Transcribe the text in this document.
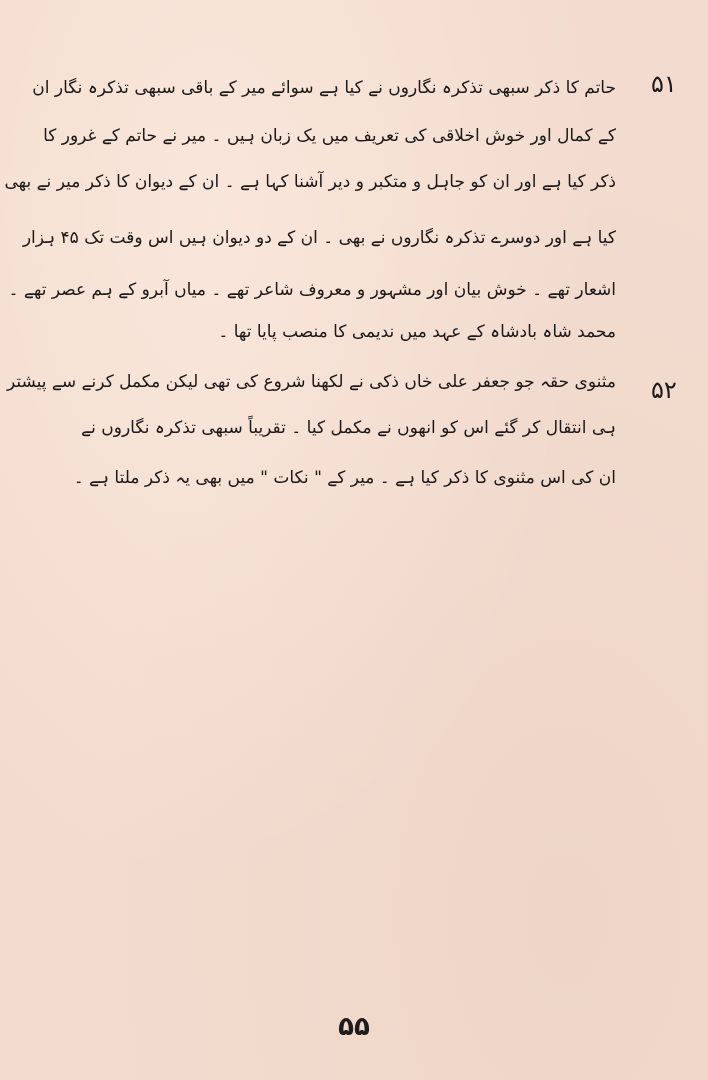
۵۱
حاتم کا ذکر سبھی تذکرہ نگاروں نے کیا ہے سوائے میر کے باقی سبھی تذکرہ نگار ان
کے کمال اور خوش اخلاقی کی تعریف میں یک زبان ہیں ۔ میر نے حاتم کے غرور کا
ذکر کیا ہے اور ان کو جاہل و متکبر و دیر آشنا کہا ہے ۔ ان کے دیوان کا ذکر میر نے بھی
کیا ہے اور دوسرے تذکرہ نگاروں نے بھی ۔ ان کے دو دیوان ہیں اس وقت تک ۴۵ ہزار
اشعار تھے ۔ خوش بیان اور مشہور و معروف شاعر تھے ۔ میاں آبرو کے ہم عصر تھے ۔
محمد شاہ بادشاہ کے عہد میں ندیمی کا منصب پایا تھا ۔
۵۲
مثنوی حقہ جو جعفر علی خاں ذکی نے لکھنا شروع کی تھی لیکن مکمل کرنے سے پیشتر
ہی انتقال کر گئے اس کو انھوں نے مکمل کیا ۔ تقریباً سبھی تذکرہ نگاروں نے
ان کی اس مثنوی کا ذکر کیا ہے ۔ میر کے " نکات " میں بھی یہ ذکر ملتا ہے ۔
۵۵
